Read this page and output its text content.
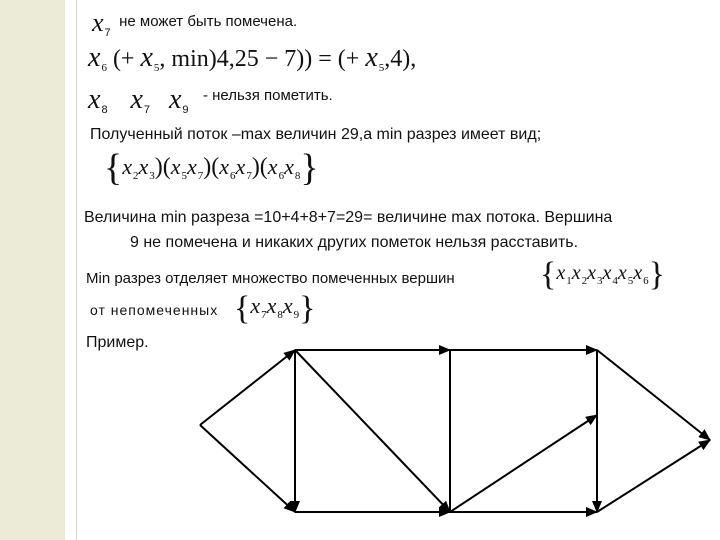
$x_7$ не может быть помечена.
$x_6$ (+ $x_5$, min)4,25 − 7)) = (+ $x_5,4$),
$x_8$ $x_7$ $x_9$ - нельзя пометить.
Полученный поток –max величин 29,а min разрез имеет вид;
$\{x_2x_3)(x_5x_7)(x_6x_7)(x_6x_8\}$
Величина min разреза =10+4+8+7=29= величине max потока. Вершина
9 не помечена и никаких других пометок нельзя расставить.
Min разрез отделяет множество помеченных вершин	$\{x_1x_2x_3x_4x_5x_6\}$
от непомеченных $\{x_7x_8x_9\}$
Пример.
